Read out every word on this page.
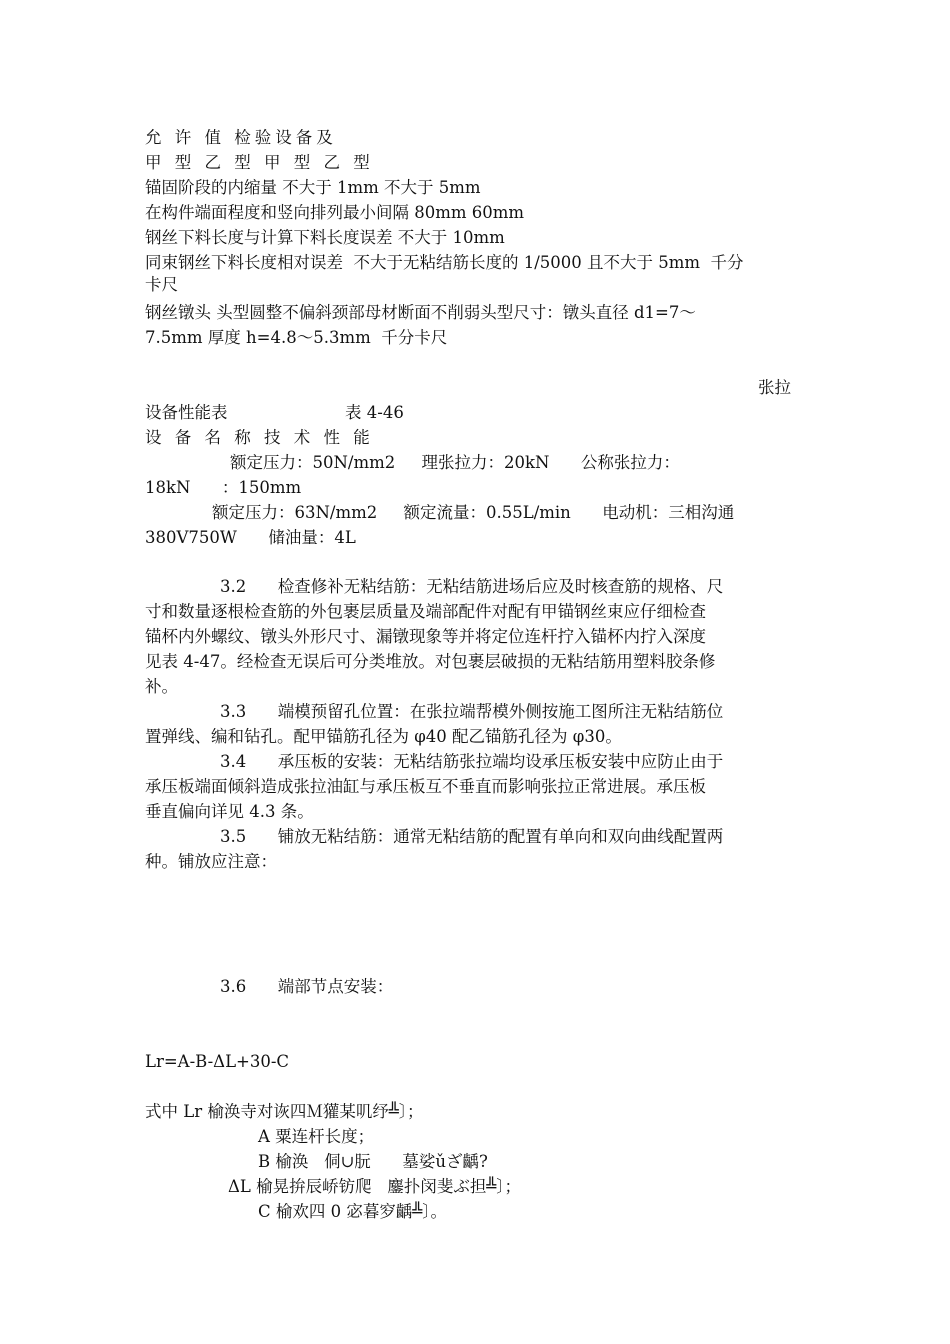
允 许 值 检验设备及
甲 型 乙 型 甲 型 乙 型
锚固阶段的内缩量 不大于 1mm 不大于 5mm
在构件端面程度和竖向排列最小间隔 80mm 60mm
钢丝下料长度与计算下料长度误差 不大于 10mm
同束钢丝下料长度相对误差  不大于无粘结筋长度的 1/5000 且不大于 5mm  千分
卡尺
钢丝镦头 头型圆整不偏斜颈部母材断面不削弱头型尺寸：镦头直径 d1=7～
7.5mm 厚度 h=4.8～5.3mm  千分卡尺
张拉
设备性能表	表 4-46
设 备 名 称 技 术 性 能
额定压力：50N/mm2     理张拉力：20kN      公称张拉力：
18kN      ：150mm
额定压力：63N/mm2     额定流量：0.55L/min      电动机：三相沟通
380V750W      储油量：4L
3.2      检查修补无粘结筋：无粘结筋进场后应及时核查筋的规格、尺
寸和数量逐根检查筋的外包裹层质量及端部配件对配有甲锚钢丝束应仔细检查
锚杯内外螺纹、镦头外形尺寸、漏镦现象等并将定位连杆拧入锚杯内拧入深度
见表 4-47。经检查无误后可分类堆放。对包裹层破损的无粘结筋用塑料胶条修
补。
3.3      端模预留孔位置：在张拉端帮模外侧按施工图所注无粘结筋位
置弹线、编和钻孔。配甲锚筋孔径为 φ40 配乙锚筋孔径为 φ30。
3.4      承压板的安装：无粘结筋张拉端均设承压板安装中应防止由于
承压板端面倾斜造成张拉油缸与承压板互不垂直而影响张拉正常进展。承压板
垂直偏向详见 4.3 条。
3.5      铺放无粘结筋：通常无粘结筋的配置有单向和双向曲线配置两
种。铺放应注意：
3.6      端部节点安装：
Lr=A-B-ΔL+30-C
式中 Lr 榆涣寺对诙四Ｍ獾某叽纾╩〕；
A 粟连杆长度；
B 榆涣   侗∪朊      墓娑ǔざ齲?
ΔL 榆晃拚辰峤钫爬   鏖扑闵斐ぶ担╩〕；
C 榆欢四 0 宓暮穸齲╩〕。
